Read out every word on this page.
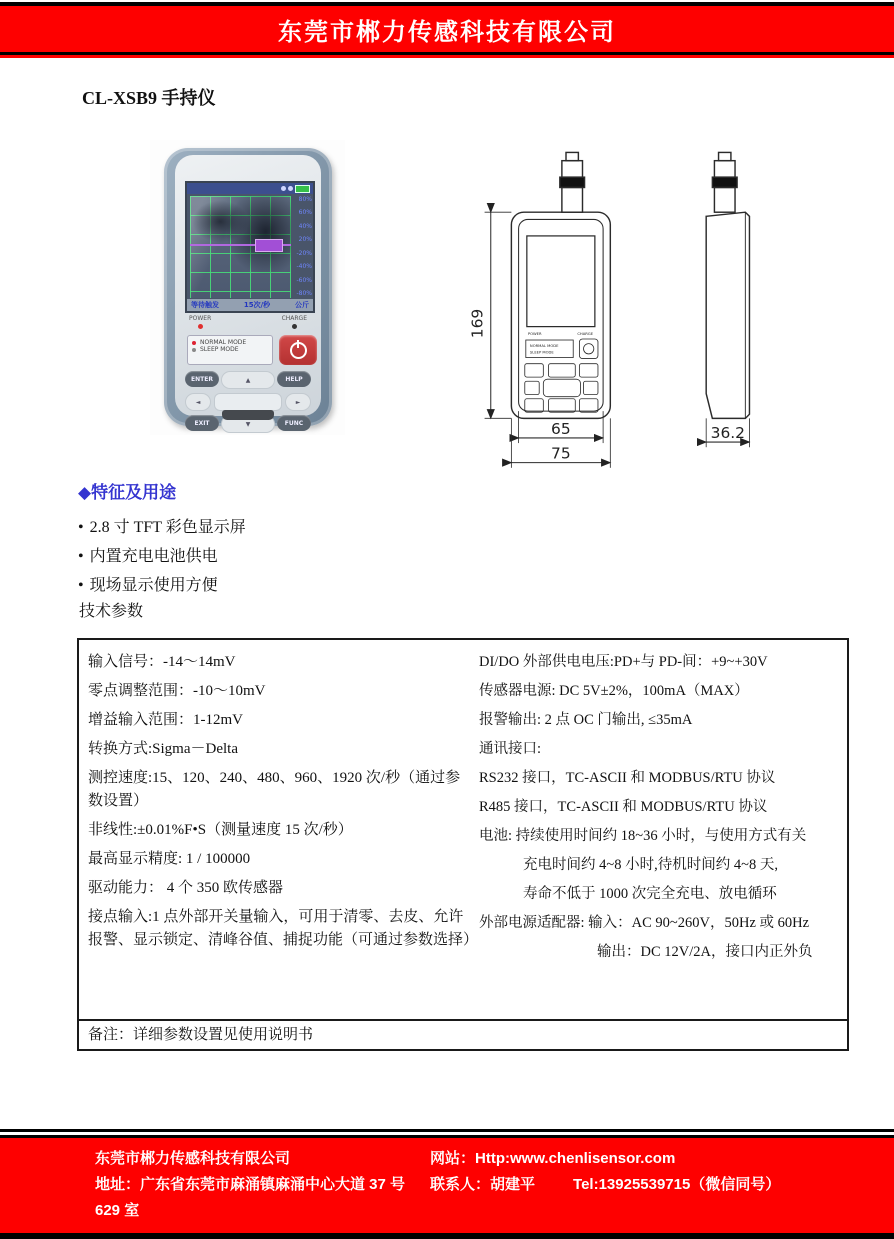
东莞市郴力传感科技有限公司
CL-XSB9 手持仪
80%
60%
40%
20%
-20%
-40%
-60%
-80%
等待触发	15次/秒	公斤
POWER	CHARGE
NORMAL MODE
SLEEP MODE
ENTER	▲	HELP
◄	►
EXIT	▼	FUNC
POWER	CHARGE
NORMAL MODE
SLEEP MODE
169
65
75
36.2
◆特征及用途
• 2.8 寸 TFT 彩色显示屏
• 内置充电电池供电
• 现场显示使用方便
技术参数

输入信号：-14～14mV

零点调整范围：-10～10mV

增益输入范围：1-12mV

转换方式:Sigma－Delta

测控速度:15、120、240、480、960、1920 次/秒（通过参数设置）

非线性:±0.01%F•S（测量速度 15 次/秒）

最高显示精度: 1 / 100000

驱动能力： 4 个 350 欧传感器

接点输入:1 点外部开关量输入，可用于清零、去皮、允许报警、显示锁定、清峰谷值、捕捉功能（可通过参数选择）

DI/DO 外部供电电压:PD+与 PD-间：+9~+30V

传感器电源: DC 5V±2%，100mA（MAX）

报警输出: 2 点 OC 门输出, ≤35mA

通讯接口:

RS232 接口，TC-ASCII 和 MODBUS/RTU 协议

R485 接口，TC-ASCII 和 MODBUS/RTU 协议

电池: 持续使用时间约 18~36 小时，与使用方式有关

充电时间约 4~8 小时,待机时间约 4~8 天,

寿命不低于 1000 次完全充电、放电循环

外部电源适配器: 输入：AC 90~260V，50Hz 或 60Hz

输出：DC 12V/2A，接口内正外负

备注：详细参数设置见使用说明书
东莞市郴力传感科技有限公司	网站：Http:www.chenlisensor.com
地址：广东省东莞市麻涌镇麻涌中心大道 37 号 629 室
联系人：胡建平	Tel:13925539715（微信同号）
